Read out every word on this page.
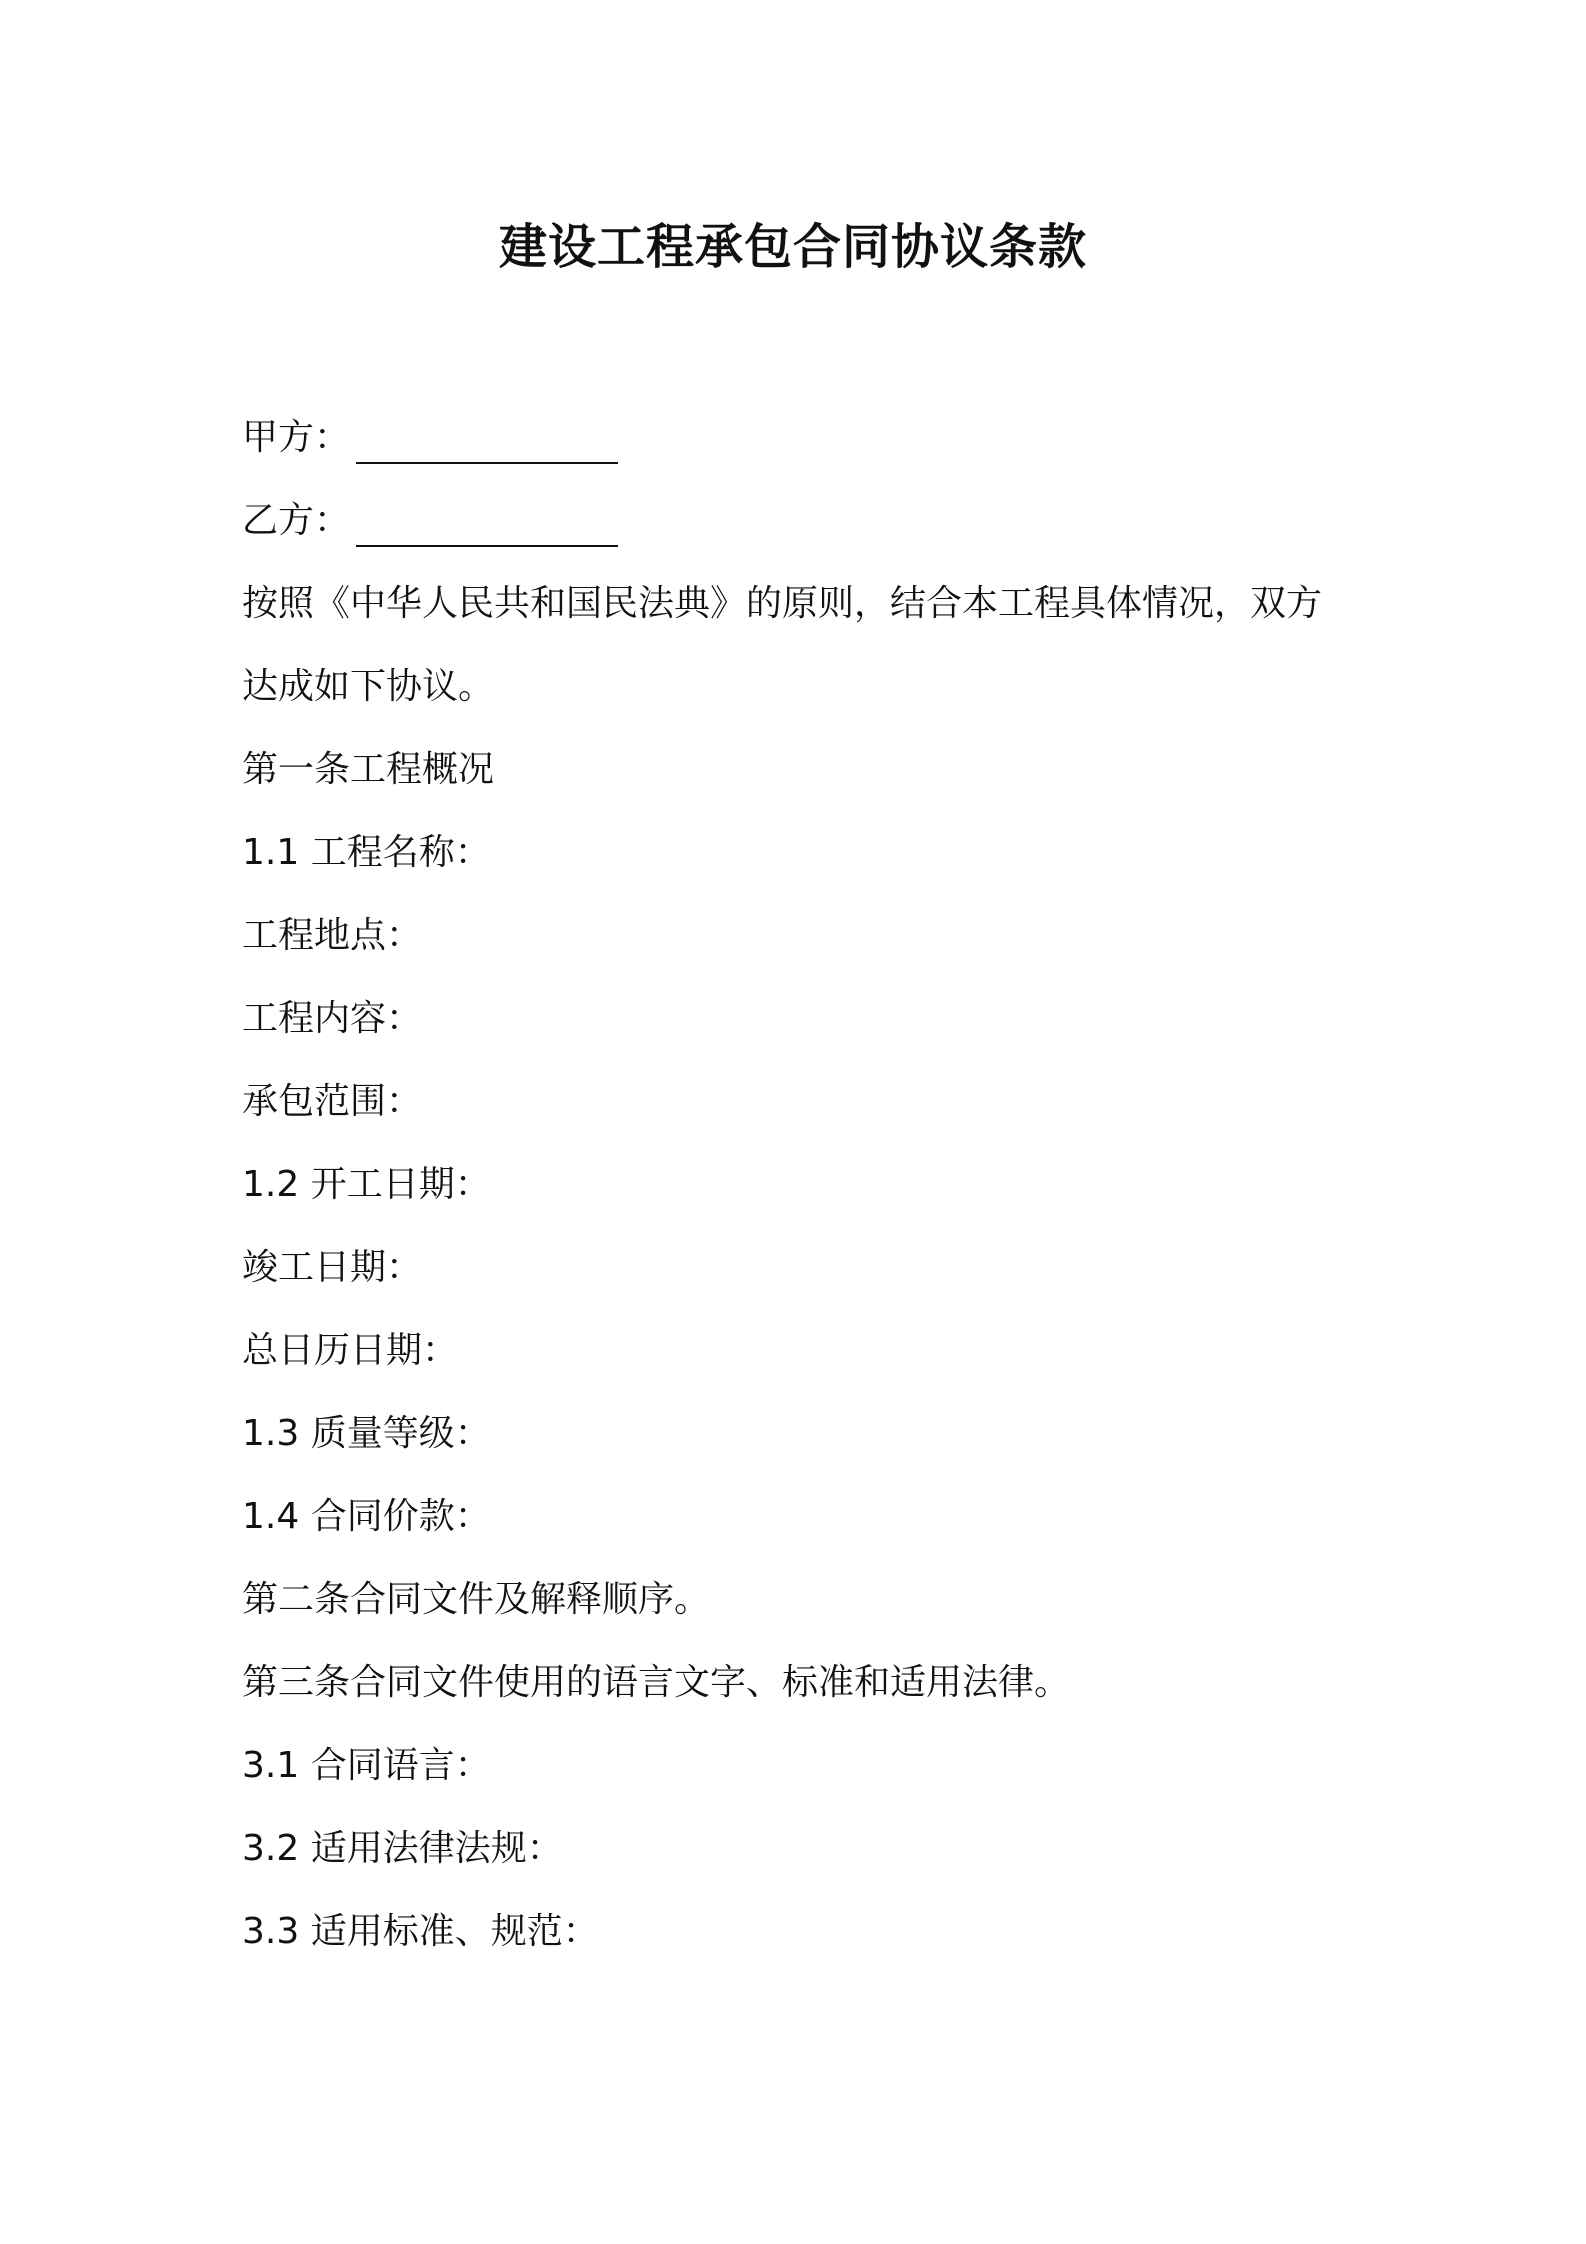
建设工程承包合同协议条款
甲方：
乙方：
按照《中华人民共和国民法典》的原则，结合本工程具体情况，双方
达成如下协议。
第一条工程概况
1.1 工程名称：
工程地点：
工程内容：
承包范围：
1.2 开工日期：
竣工日期：
总日历日期：
1.3 质量等级：
1.4 合同价款：
第二条合同文件及解释顺序。
第三条合同文件使用的语言文字、标准和适用法律。
3.1 合同语言：
3.2 适用法律法规：
3.3 适用标准、规范：
